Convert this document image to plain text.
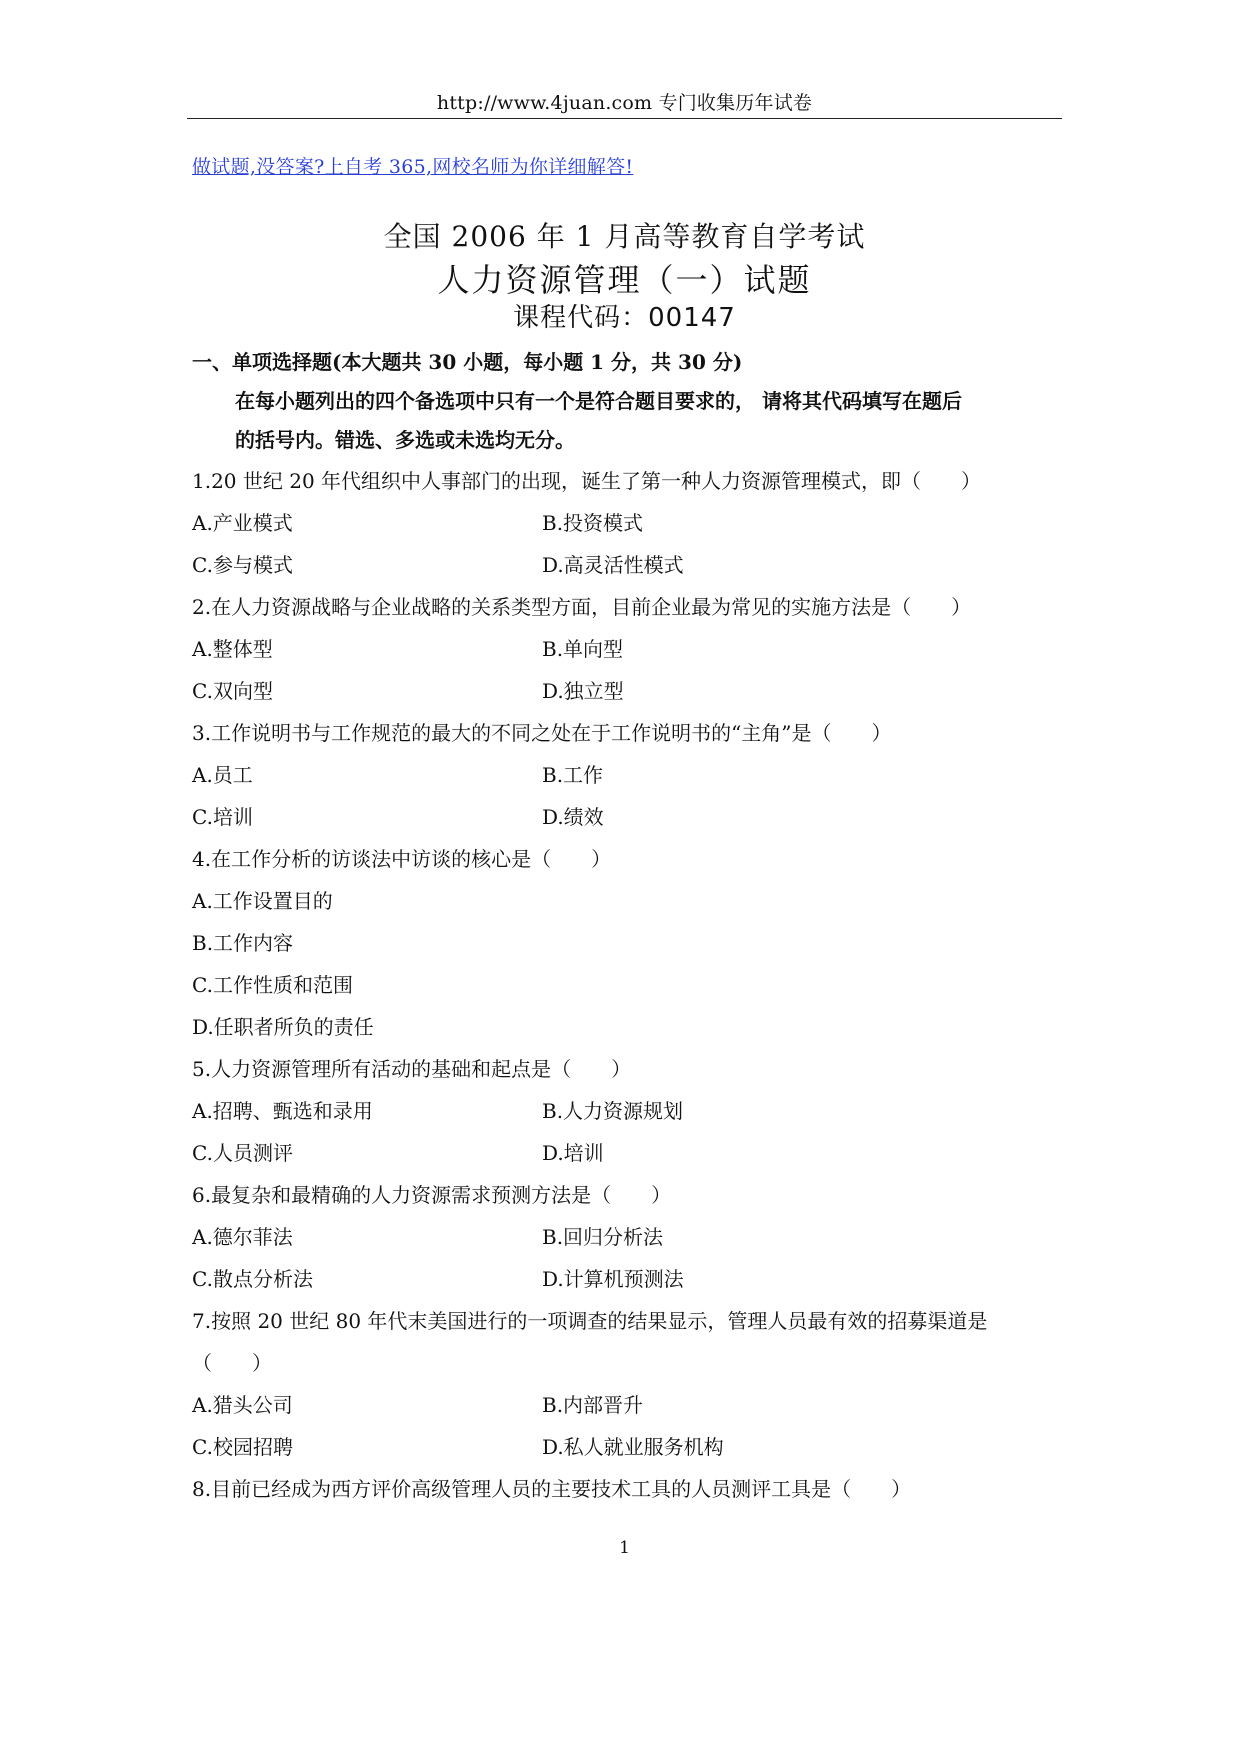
http://www.4juan.com 专门收集历年试卷
做试题,没答案?上自考 365,网校名师为你详细解答!
全国 2006 年 1 月高等教育自学考试
人力资源管理（一）试题
课程代码：00147
一、单项选择题(本大题共 30 小题，每小题 1 分，共 30 分)
在每小题列出的四个备选项中只有一个是符合题目要求的， 请将其代码填写在题后
的括号内。错选、多选或未选均无分。
1.20 世纪 20 年代组织中人事部门的出现，诞生了第一种人力资源管理模式，即（　　）
A.产业模式	B.投资模式
C.参与模式	D.高灵活性模式
2.在人力资源战略与企业战略的关系类型方面，目前企业最为常见的实施方法是（　　）
A.整体型	B.单向型
C.双向型	D.独立型
3.工作说明书与工作规范的最大的不同之处在于工作说明书的“主角”是（　　）
A.员工	B.工作
C.培训	D.绩效
4.在工作分析的访谈法中访谈的核心是（　　）
A.工作设置目的
B.工作内容
C.工作性质和范围
D.任职者所负的责任
5.人力资源管理所有活动的基础和起点是（　　）
A.招聘、甄选和录用	B.人力资源规划
C.人员测评	D.培训
6.最复杂和最精确的人力资源需求预测方法是（　　）
A.德尔菲法	B.回归分析法
C.散点分析法	D.计算机预测法
7.按照 20 世纪 80 年代末美国进行的一项调查的结果显示，管理人员最有效的招募渠道是
（　　）
A.猎头公司	B.内部晋升
C.校园招聘	D.私人就业服务机构
8.目前已经成为西方评价高级管理人员的主要技术工具的人员测评工具是（　　）
1
